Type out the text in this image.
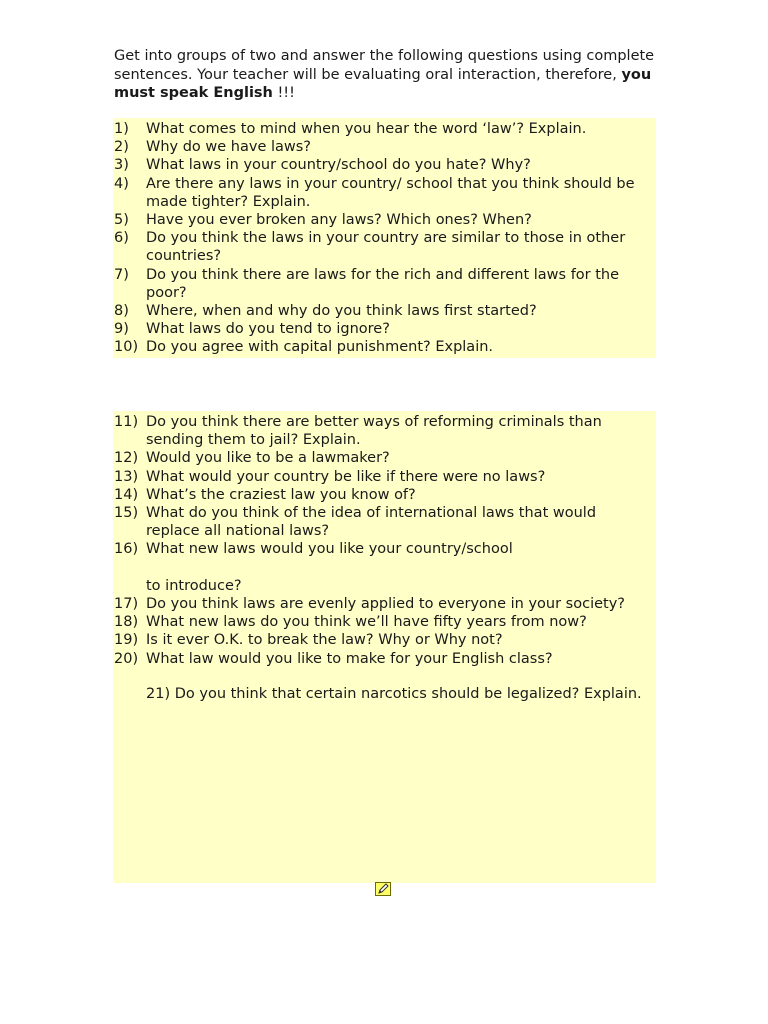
Get into groups of two and answer the following questions using complete sentences. Your teacher will be evaluating oral interaction, therefore, you must speak English !!!

1)	What comes to mind when you hear the word ‘law’? Explain.
2)	Why do we have laws?
3)	What laws in your country/school do you hate? Why?
4)	Are there any laws in your country/ school that you think should be made tighter? Explain.
5)	Have you ever broken any laws? Which ones? When?
6)	Do you think the laws in your country are similar to those in other countries?
7)	Do you think there are laws for the rich and different laws for the poor?
8)	Where, when and why do you think laws first started?
9)	What laws do you tend to ignore?
10) Do you agree with capital punishment? Explain.
11) Do you think there are better ways of reforming criminals than sending them to jail? Explain.
12) Would you like to be a lawmaker?
13) What would your country be like if there were no laws?
14) What’s the craziest law you know of?
15) What do you think of the idea of international laws that would replace all national laws?
16) What new laws would you like your country/school
to introduce?
17) Do you think laws are evenly applied to everyone in your society?
18) What new laws do you think we’ll have fifty years from now?
19) Is it ever O.K. to break the law? Why or Why not?
20) What law would you like to make for your English class?
21) Do you think that certain narcotics should be legalized? Explain.
